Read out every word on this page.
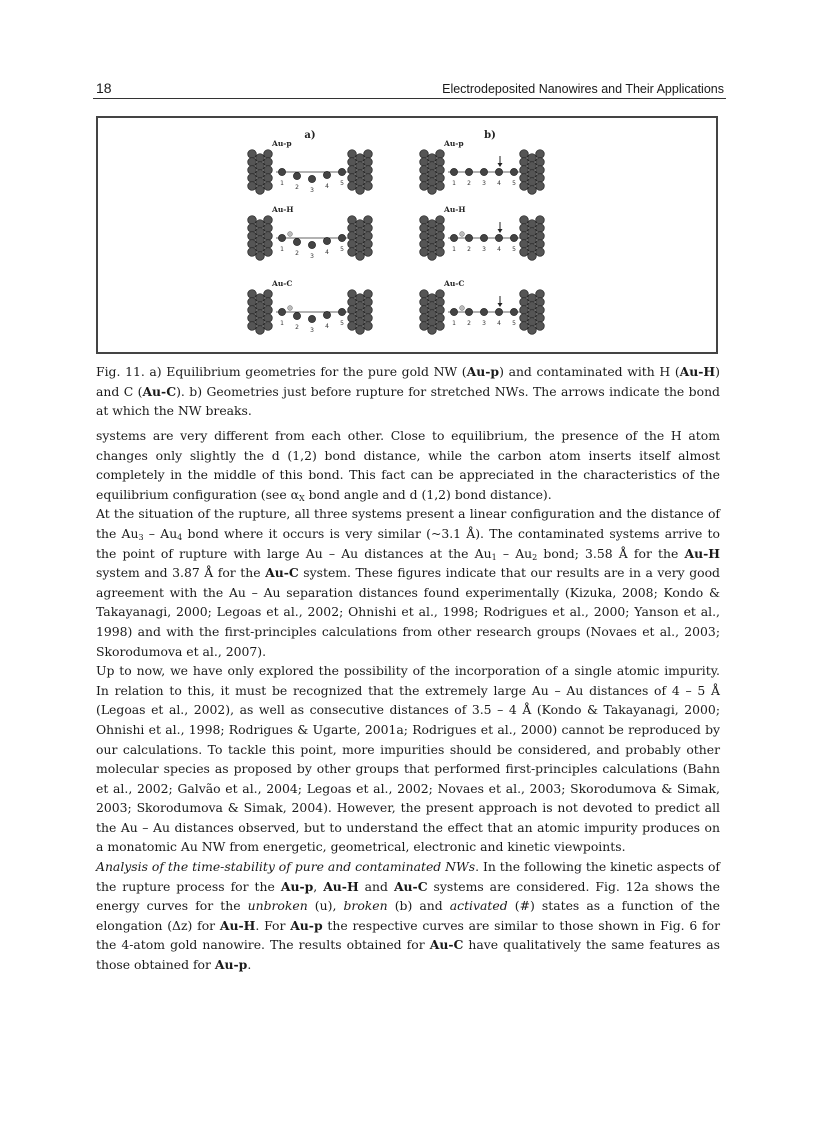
18	Electrodeposited Nanowires and Their Applications
a)	b)
Au-p
1
2 3
4 5
Au-p
1 2 3 4 5
Au-H
1
2 3
4 5
Au-H
1 2 3 4 5
Au-C
1
2 3
4 5
Au-C
1 2 3 4 5
Fig. 11. a) Equilibrium geometries for the pure gold NW (Au-p) and contaminated with H (Au-H) and C (Au-C). b) Geometries just before rupture for stretched NWs. The arrows indicate the bond at which the NW breaks.

systems are very different from each other. Close to equilibrium, the presence of the H atom changes only slightly the d (1,2) bond distance, while the carbon atom inserts itself almost completely in the middle of this bond. This fact can be appreciated in the characteristics of the equilibrium configuration (see $\alpha_X$ bond angle and d (1,2) bond distance).

At the situation of the rupture, all three systems present a linear configuration and the distance of the $Au_3 - Au_4$ bond where it occurs is very similar (~3.1 Å). The contaminated systems arrive to the point of rupture with large Au – Au distances at the $Au_1 - Au_2$ bond; 3.58 Å for the Au-H system and 3.87 Å for the Au-C system. These figures indicate that our results are in a very good agreement with the Au – Au separation distances found experimentally (Kizuka, 2008; Kondo & Takayanagi, 2000; Legoas et al., 2002; Ohnishi et al., 1998; Rodrigues et al., 2000; Yanson et al., 1998) and with the first-principles calculations from other research groups (Novaes et al., 2003; Skorodumova et al., 2007).

Up to now, we have only explored the possibility of the incorporation of a single atomic impurity. In relation to this, it must be recognized that the extremely large Au – Au distances of 4 – 5 Å (Legoas et al., 2002), as well as consecutive distances of 3.5 – 4 Å (Kondo & Takayanagi, 2000; Ohnishi et al., 1998; Rodrigues & Ugarte, 2001a; Rodrigues et al., 2000) cannot be reproduced by our calculations. To tackle this point, more impurities should be considered, and probably other molecular species as proposed by other groups that performed first-principles calculations (Bahn et al., 2002; Galvão et al., 2004; Legoas et al., 2002; Novaes et al., 2003; Skorodumova & Simak, 2003; Skorodumova & Simak, 2004). However, the present approach is not devoted to predict all the Au – Au distances observed, but to understand the effect that an atomic impurity produces on a monatomic Au NW from energetic, geometrical, electronic and kinetic viewpoints.

Analysis of the time-stability of pure and contaminated NWs. In the following the kinetic aspects of the rupture process for the Au-p, Au-H and Au-C systems are considered. Fig. 12a shows the energy curves for the unbroken (u), broken (b) and activated (#) states as a function of the elongation (Δz) for Au-H. For Au-p the respective curves are similar to those shown in Fig. 6 for the 4-atom gold nanowire. The results obtained for Au-C have qualitatively the same features as those obtained for Au-p.
